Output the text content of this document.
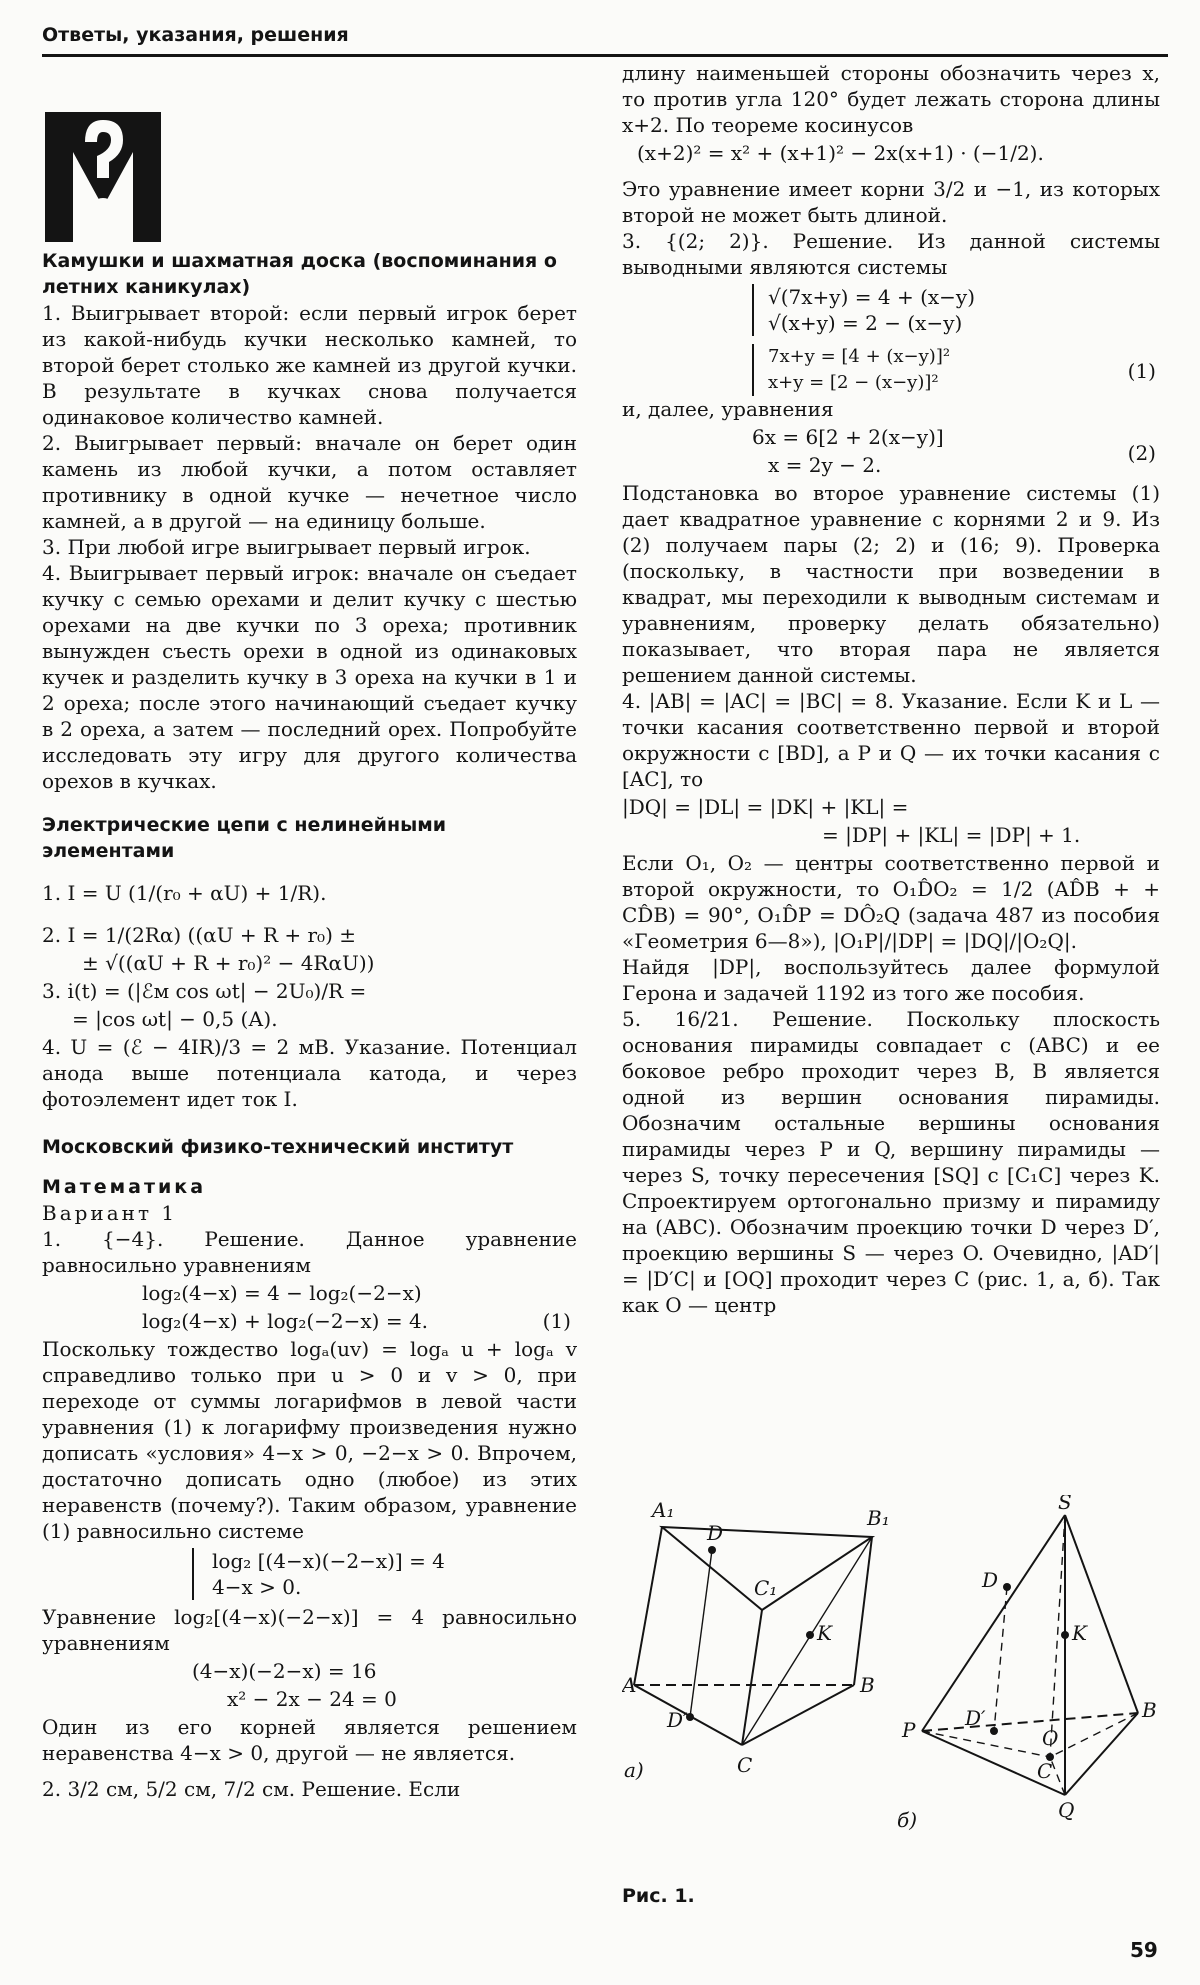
Ответы, указания, решения

Камушки и шахматная доска (воспоминания о летних каникулах)

1. Выигрывает второй: если первый игрок берет из какой-нибудь кучки несколько камней, то второй берет столько же камней из другой кучки. В результате в кучках снова получается одинаковое количество камней.

2. Выигрывает первый: вначале он берет один камень из любой кучки, а потом оставляет противнику в одной кучке — нечетное число камней, а в другой — на единицу больше.

3. При любой игре выигрывает первый игрок.

4. Выигрывает первый игрок: вначале он съедает кучку с семью орехами и делит кучку с шестью орехами на две кучки по 3 ореха; противник вынужден съесть орехи в одной из одинаковых кучек и разделить кучку в 3 ореха на кучки в 1 и 2 ореха; после этого начинающий съедает кучку в 2 ореха, а затем — последний орех. Попробуйте исследовать эту игру для другого количества орехов в кучках.

Электрические цепи с нелинейными элементами

1. I = U (1/(r₀ + αU) + 1/R).

2. I = 1/(2Rα) ((αU + R + r₀) ±

± √((αU + R + r₀)² − 4RαU))

3. i(t) = (|ℰм cos ωt| − 2U₀)/R =

= |cos ωt| − 0,5 (А).

4. U = (ℰ − 4IR)/3 = 2 мВ. Указание. Потенциал анода выше потенциала катода, и через фотоэлемент идет ток I.

Московский физико-технический институт

Математика

Вариант 1

1. {−4}. Решение. Данное уравнение равносильно уравнениям

log₂(4−x) = 4 − log₂(−2−x)

log₂(4−x) + log₂(−2−x) = 4.	(1)

Поскольку тождество logₐ(uv) = logₐ u + logₐ v справедливо только при u > 0 и v > 0, при переходе от суммы логарифмов в левой части уравнения (1) к логарифму произведения нужно дописать «условия» 4−x > 0, −2−x > 0. Впрочем, достаточно дописать одно (любое) из этих неравенств (почему?). Таким образом, уравнение (1) равносильно системе

log₂ [(4−x)(−2−x)] = 4

4−x > 0.

Уравнение log₂[(4−x)(−2−x)] = 4 равносильно уравнениям

(4−x)(−2−x) = 16

x² − 2x − 24 = 0

Один из его корней является решением неравенства 4−x > 0, другой — не является.

2. 3/2 см, 5/2 см, 7/2 см. Решение. Если

длину наименьшей стороны обозначить через x, то против угла 120° будет лежать сторона длины x+2. По теореме косинусов

(x+2)² = x² + (x+1)² − 2x(x+1) · (−1/2).

Это уравнение имеет корни 3/2 и −1, из которых второй не может быть длиной.

3. {(2; 2)}. Решение. Из данной системы выводными являются системы

√(7x+y) = 4 + (x−y)

√(x+y) = 2 − (x−y)

7x+y = [4 + (x−y)]²

x+y = [2 − (x−y)]²	(1)

и, далее, уравнения

6x = 6[2 + 2(x−y)]

x = 2y − 2.	(2)

Подстановка во второе уравнение системы (1) дает квадратное уравнение с корнями 2 и 9. Из (2) получаем пары (2; 2) и (16; 9). Проверка (поскольку, в частности при возведении в квадрат, мы переходили к выводным системам и уравнениям, проверку делать обязательно) показывает, что вторая пара не является решением данной системы.

4. |AB| = |AC| = |BC| = 8. Указание. Если K и L — точки касания соответственно первой и второй окружности с [BD], а P и Q — их точки касания с [AC], то

|DQ| = |DL| = |DK| + |KL| =

= |DP| + |KL| = |DP| + 1.

Если O₁, O₂ — центры соответственно первой и второй окружности, то O₁D̂O₂ = 1/2 (AD̂B + + CD̂B) = 90°, O₁D̂P = DÔ₂Q (задача 487 из пособия «Геометрия 6—8»), |O₁P|/|DP| = |DQ|/|O₂Q|.

Найдя |DP|, воспользуйтесь далее формулой Герона и задачей 1192 из того же пособия.

5. 16/21. Решение. Поскольку плоскость основания пирамиды совпадает с (ABC) и ее боковое ребро проходит через B, B является одной из вершин основания пирамиды. Обозначим остальные вершины основания пирамиды через P и Q, вершину пирамиды — через S, точку пересечения [SQ] с [C₁C] через K. Спроектируем ортогонально призму и пирамиду на (ABC). Обозначим проекцию точки D через D′, проекцию вершины S — через O. Очевидно, |AD′| = |D′C| и [OQ] проходит через C (рис. 1, а, б). Так как O — центр

A₁	B₁
D
C₁
K
A	B
D′
C
S
D
K
B
P D′
O
C
Q
а)
б)
Рис. 1.
59
